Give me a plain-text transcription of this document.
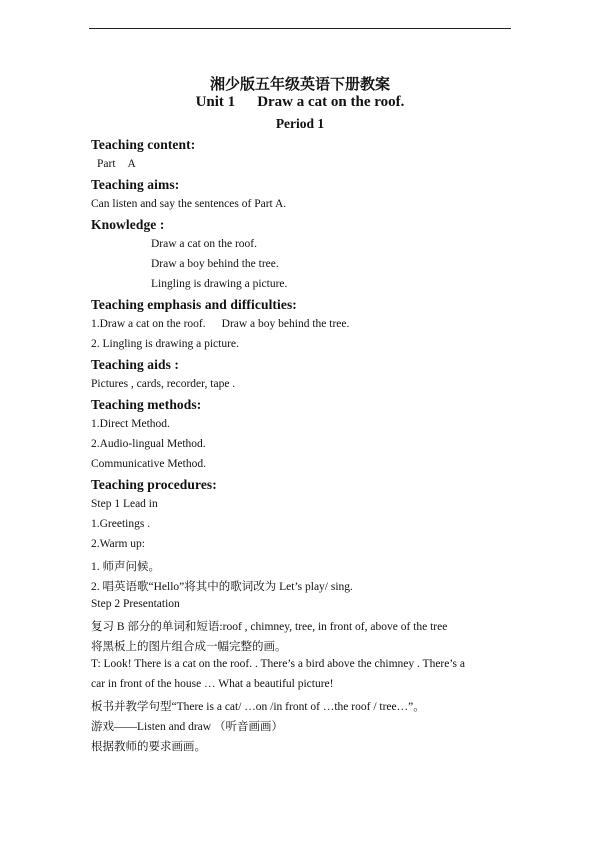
湘少版五年级英语下册教案
Unit 1 Draw a cat on the roof.
Period 1
Teaching content:
Part A
Teaching aims:
Can listen and say the sentences of Part A.
Knowledge :
Draw a cat on the roof.
Draw a boy behind the tree.
Lingling is drawing a picture.
Teaching emphasis and difficulties:
1.Draw a cat on the roof. Draw a boy behind the tree.
2. Lingling is drawing a picture.
Teaching aids :
Pictures , cards, recorder, tape .
Teaching methods:
1.Direct Method.
2.Audio-lingual Method.
Communicative Method.
Teaching procedures:
Step 1 Lead in
1.Greetings .
2.Warm up:
1. 师声问候。
2. 唱英语歌“Hello”将其中的歌词改为 Let’s play/ sing.
Step 2 Presentation
复习 B 部分的单词和短语:roof , chimney, tree, in front of, above of the tree
将黑板上的图片组合成一幅完整的画。
T: Look! There is a cat on the roof. . There’s a bird above the chimney . There’s a
car in front of the house … What a beautiful picture!
板书并教学句型“There is a cat/ …on /in front of …the roof / tree…”。
游戏——Listen and draw （听音画画）
根据教师的要求画画。
